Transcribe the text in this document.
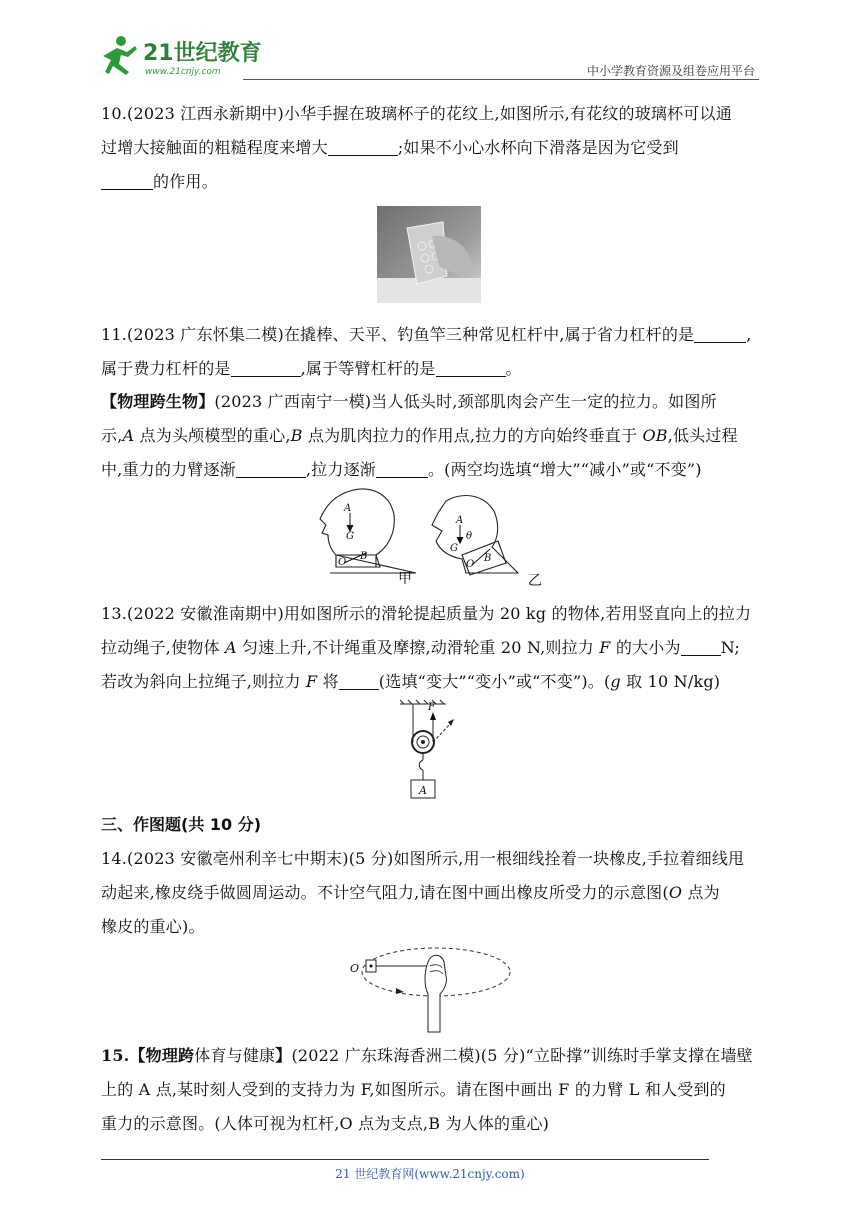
21世纪教育
www.21cnjy.com	中小学教育资源及组卷应用平台
10.(2023 江西永新期中)小华手握在玻璃杯子的花纹上,如图所示,有花纹的玻璃杯可以通
过增大接触面的粗糙程度来增大	;如果不小心水杯向下滑落是因为它受到
的作用。
11.(2023 广东怀集二模)在撬棒、天平、钓鱼竿三种常见杠杆中,属于省力杠杆的是	,
属于费力杠杆的是	,属于等臂杠杆的是	。
【物理跨生物】(2023 广西南宁一模)当人低头时,颈部肌肉会产生一定的拉力。如图所
示,A 点为头颅模型的重心,B 点为肌肉拉力的作用点,拉力的方向始终垂直于 OB,低头过程
中,重力的力臂逐渐	,拉力逐渐	。(两空均选填“增大”“减小”或“不变”)
A
G
O
B
A
G
θ
O
B
甲	乙
13.(2022 安徽淮南期中)用如图所示的滑轮提起质量为 20 kg 的物体,若用竖直向上的拉力
拉动绳子,使物体 A 匀速上升,不计绳重及摩擦,动滑轮重 20 N,则拉力 F 的大小为	N;
若改为斜向上拉绳子,则拉力 F 将	(选填“变大”“变小”或“不变”)。(g 取 10 N/kg)
F
A
三、作图题(共 10 分)
14.(2023 安徽亳州利辛七中期末)(5 分)如图所示,用一根细线拴着一块橡皮,手拉着细线甩
动起来,橡皮绕手做圆周运动。不计空气阻力,请在图中画出橡皮所受力的示意图(O 点为
橡皮的重心)。
O
15.【物理跨体育与健康】(2022 广东珠海香洲二模)(5 分)“立卧撑”训练时手掌支撑在墙壁
上的 A 点,某时刻人受到的支持力为 F,如图所示。请在图中画出 F 的力臂 L 和人受到的
重力的示意图。(人体可视为杠杆,O 点为支点,B 为人体的重心)
21 世纪教育网(www.21cnjy.com)
